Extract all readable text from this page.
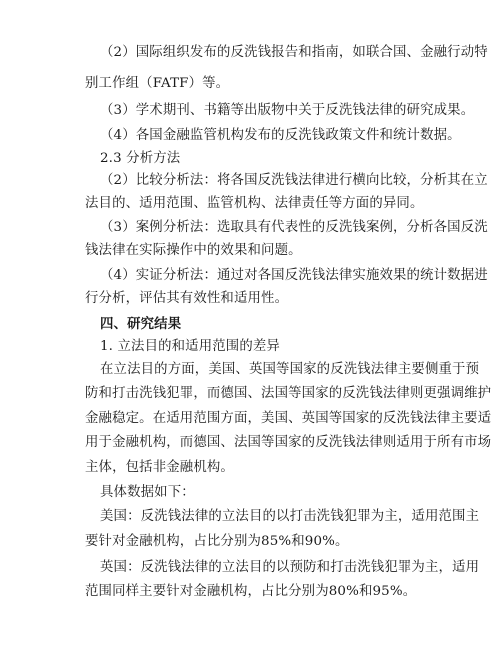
（2）国际组织发布的反洗钱报告和指南，如联合国、金融行动特
别工作组（FATF）等。
（3）学术期刊、书籍等出版物中关于反洗钱法律的研究成果。
（4）各国金融监管机构发布的反洗钱政策文件和统计数据。
2.3 分析方法
（2）比较分析法：将各国反洗钱法律进行横向比较，分析其在立
法目的、适用范围、监管机构、法律责任等方面的异同。
（3）案例分析法：选取具有代表性的反洗钱案例，分析各国反洗
钱法律在实际操作中的效果和问题。
（4）实证分析法：通过对各国反洗钱法律实施效果的统计数据进
行分析，评估其有效性和适用性。
四、研究结果
1. 立法目的和适用范围的差异
在立法目的方面，美国、英国等国家的反洗钱法律主要侧重于预
防和打击洗钱犯罪，而德国、法国等国家的反洗钱法律则更强调维护
金融稳定。在适用范围方面，美国、英国等国家的反洗钱法律主要适
用于金融机构，而德国、法国等国家的反洗钱法律则适用于所有市场
主体，包括非金融机构。
具体数据如下：
美国：反洗钱法律的立法目的以打击洗钱犯罪为主，适用范围主
要针对金融机构，占比分别为85%和90%。
英国：反洗钱法律的立法目的以预防和打击洗钱犯罪为主，适用
范围同样主要针对金融机构，占比分别为80%和95%。
